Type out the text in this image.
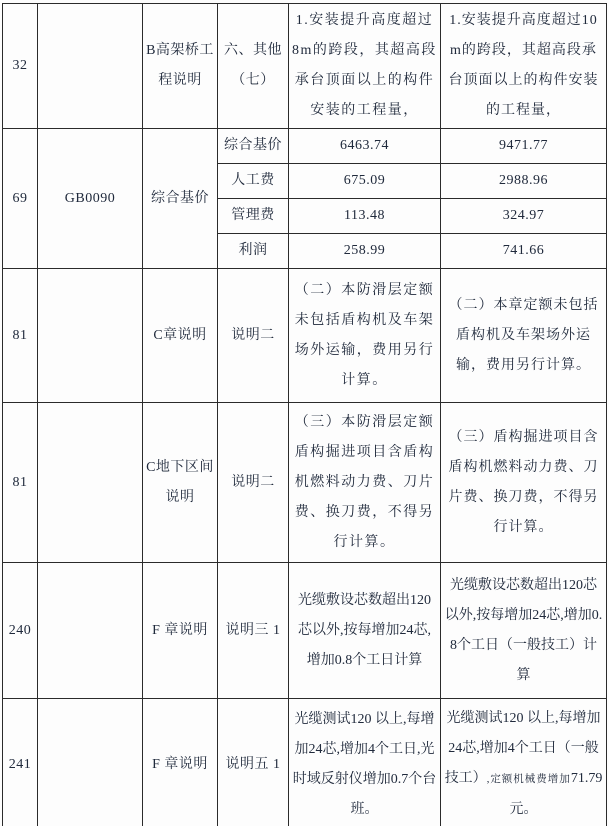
32		B高架桥工程说明	六、其他（七）	1.安装提升高度超过8m的跨段，其超高段承台顶面以上的构件安装的工程量，	1.安装提升高度超过10m的跨段，其超高段承台顶面以上的构件安装的工程量，
69	GB0090	综合基价	综合基价	6463.74	9471.77
			人工费	675.09	2988.96
			管理费	113.48	324.97
			利润	258.99	741.66
81		C章说明	说明二	（二）本防滑层定额未包括盾构机及车架场外运输，费用另行计算。	（二）本章定额未包括盾构机及车架场外运输，费用另行计算。
81		C地下区间说明	说明二	（三）本防滑层定额盾构掘进项目含盾构机燃料动力费、刀片费、换刀费，不得另行计算。	（三）盾构掘进项目含盾构机燃料动力费、刀片费、换刀费，不得另行计算。
240		F 章说明	说明三 1	光缆敷设芯数超出120芯以外,按每增加24芯,增加0.8个工日计算	光缆敷设芯数超出120芯以外,按每增加24芯,增加0.8个工日（一般技工）计算
241		F 章说明	说明五 1	光缆测试120 以上,每增加24芯,增加4个工日,光时域反射仪增加0.7个台班。	光缆测试120 以上,每增加24芯,增加4个工日（一般技工）,定额机械费增加71.79元。
